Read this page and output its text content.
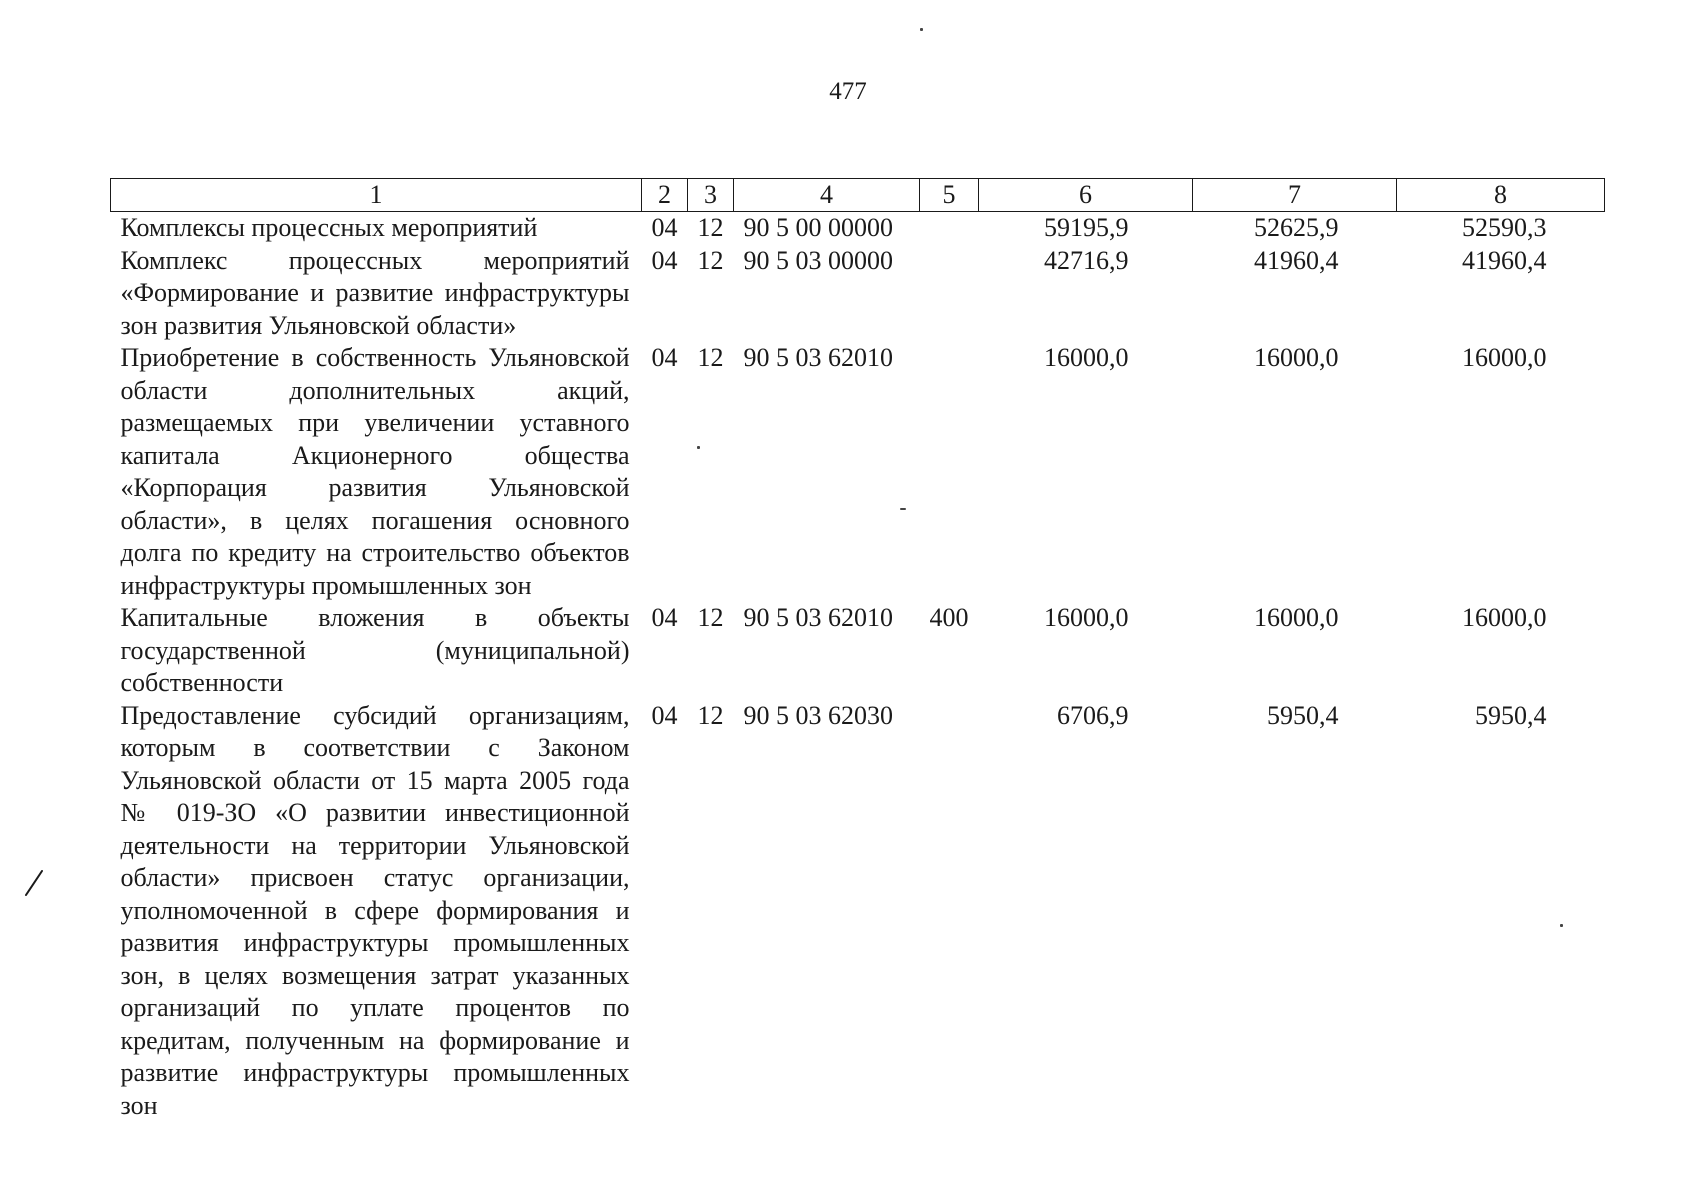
477
1	2	3	4	5	6	7	8
Комплексы процессных мероприятий	04	12	90 5 00 00000		59195,9	52625,9	52590,3
Комплекс процессных мероприятий «Формирование и развитие инфраструктуры зон развития Ульяновской области»	04	12	90 5 03 00000		42716,9	41960,4	41960,4
Приобретение в собственность Ульяновской области дополнительных акций, размещаемых при увеличении уставного капитала Акционерного общества «Корпорация развития Ульяновской области», в целях погашения основного долга по кредиту на строительство объектов инфраструктуры промышленных зон	04	12	90 5 03 62010		16000,0	16000,0	16000,0
Капитальные вложения в объекты государственной (муниципальной) собственности	04	12	90 5 03 62010	400	16000,0	16000,0	16000,0
Предоставление субсидий организациям, которым в соответствии с Законом Ульяновской области от 15 марта 2005 года № 019-ЗО «О развитии инвестиционной деятельности на территории Ульяновской области» присвоен статус организации, уполномоченной в сфере формирования и развития инфраструктуры промышленных зон, в целях возмещения затрат указанных организаций по уплате процентов по кредитам, полученным на формирование и развитие инфраструктуры промышленных зон	04	12	90 5 03 62030		6706,9	5950,4	5950,4
